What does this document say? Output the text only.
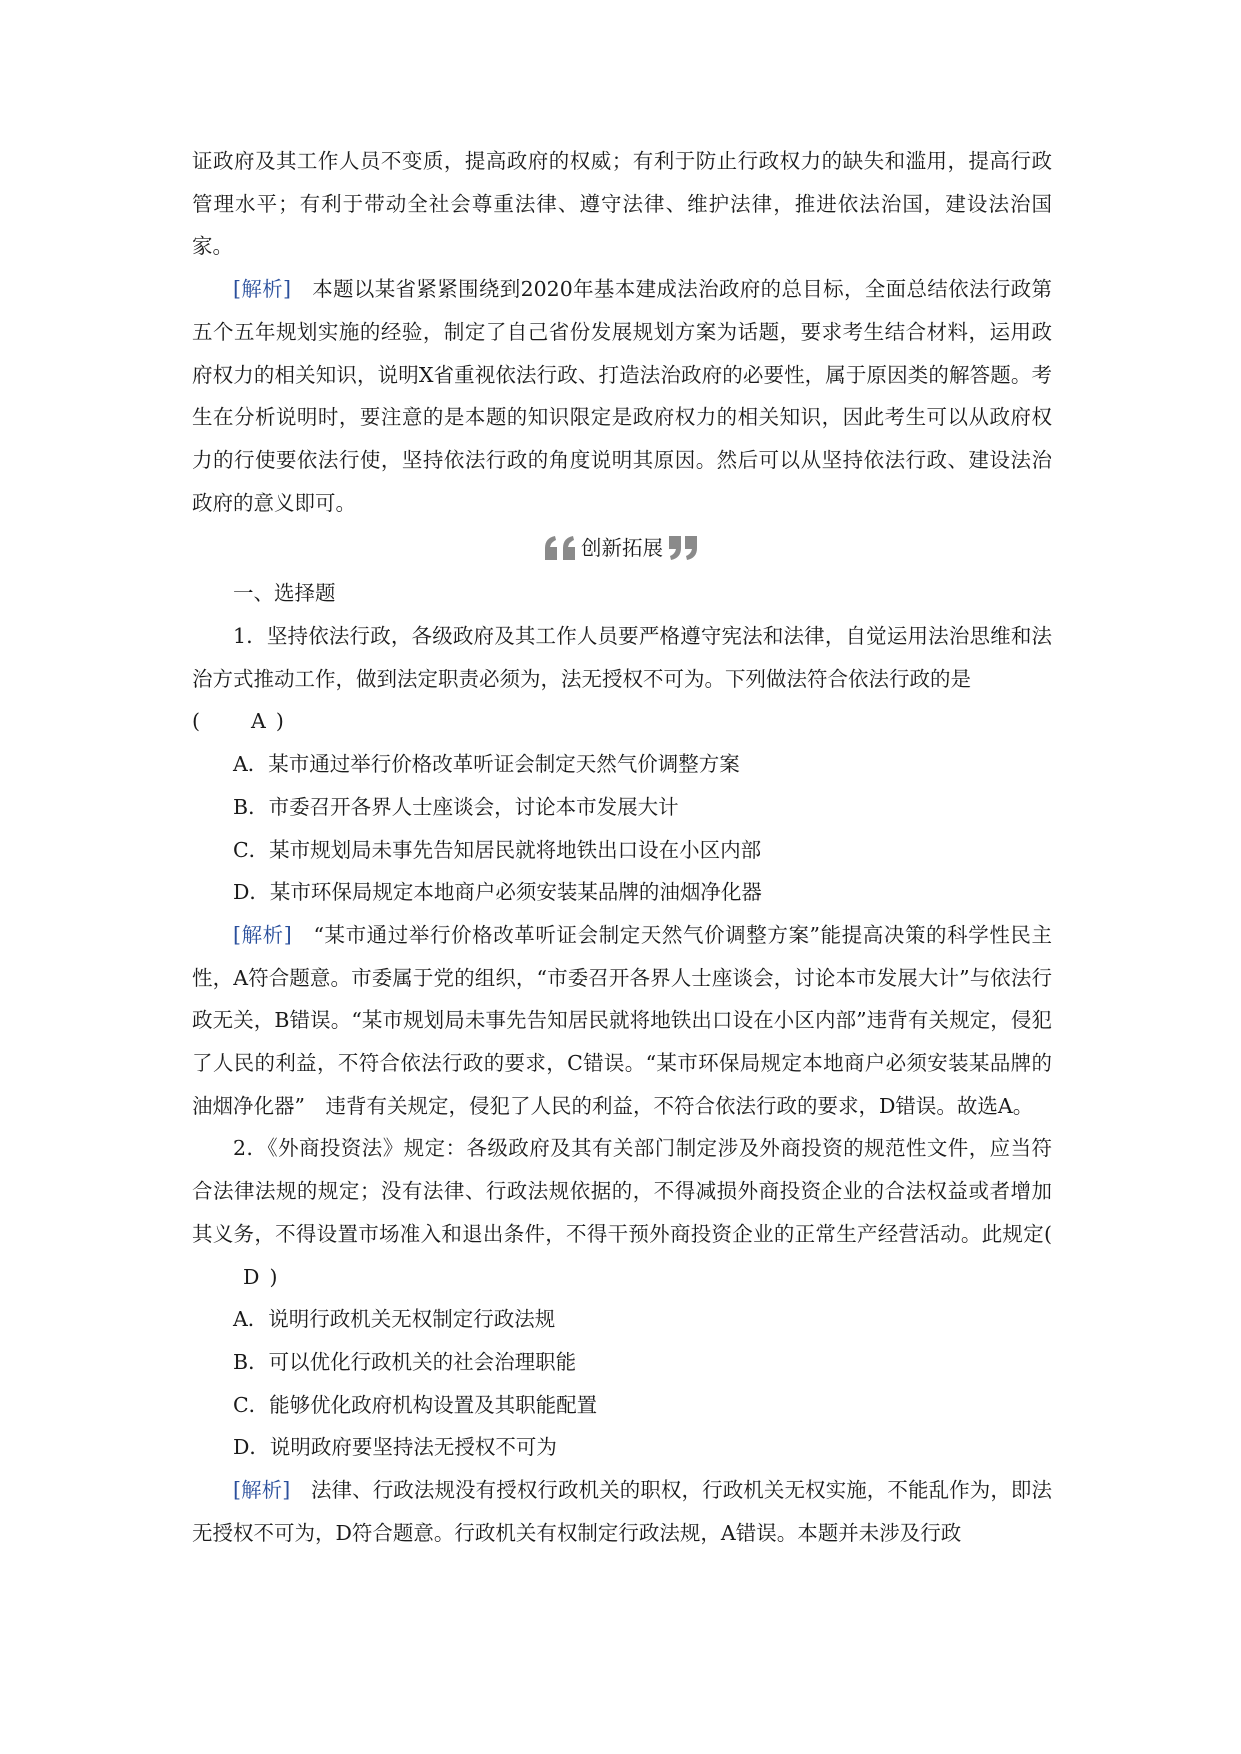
证政府及其工作人员不变质，提高政府的权威；有利于防止行政权力的缺失和滥用，提高行政管理水平；有利于带动全社会尊重法律、遵守法律、维护法律，推进依法治国，建设法治国家。

[解析]　本题以某省紧紧围绕到2020年基本建成法治政府的总目标，全面总结依法行政第五个五年规划实施的经验，制定了自己省份发展规划方案为话题，要求考生结合材料，运用政府权力的相关知识，说明X省重视依法行政、打造法治政府的必要性，属于原因类的解答题。考生在分析说明时，要注意的是本题的知识限定是政府权力的相关知识，因此考生可以从政府权力的行使要依法行使，坚持依法行政的角度说明其原因。然后可以从坚持依法行政、建设法治政府的意义即可。

创新拓展

一、选择题

1．坚持依法行政，各级政府及其工作人员要严格遵守宪法和法律，自觉运用法治思维和法治方式推动工作，做到法定职责必须为，法无授权不可为。下列做法符合依法行政的是
( A )

A．某市通过举行价格改革听证会制定天然气价调整方案

B．市委召开各界人士座谈会，讨论本市发展大计

C．某市规划局未事先告知居民就将地铁出口设在小区内部

D．某市环保局规定本地商户必须安装某品牌的油烟净化器

[解析]　“某市通过举行价格改革听证会制定天然气价调整方案”能提高决策的科学性民主性，A符合题意。市委属于党的组织，“市委召开各界人士座谈会，讨论本市发展大计”与依法行政无关，B错误。“某市规划局未事先告知居民就将地铁出口设在小区内部”违背有关规定，侵犯了人民的利益，不符合依法行政的要求，C错误。“某市环保局规定本地商户必须安装某品牌的油烟净化器”　违背有关规定，侵犯了人民的利益，不符合依法行政的要求，D错误。故选A。

2．《外商投资法》规定：各级政府及其有关部门制定涉及外商投资的规范性文件，应当符合法律法规的规定；没有法律、行政法规依据的，不得减损外商投资企业的合法权益或者增加其义务，不得设置市场准入和退出条件，不得干预外商投资企业的正常生产经营活动。此规定(D )

A．说明行政机关无权制定行政法规

B．可以优化行政机关的社会治理职能

C．能够优化政府机构设置及其职能配置

D．说明政府要坚持法无授权不可为

[解析]　法律、行政法规没有授权行政机关的职权，行政机关无权实施，不能乱作为，即法无授权不可为，D符合题意。行政机关有权制定行政法规，A错误。本题并未涉及行政
